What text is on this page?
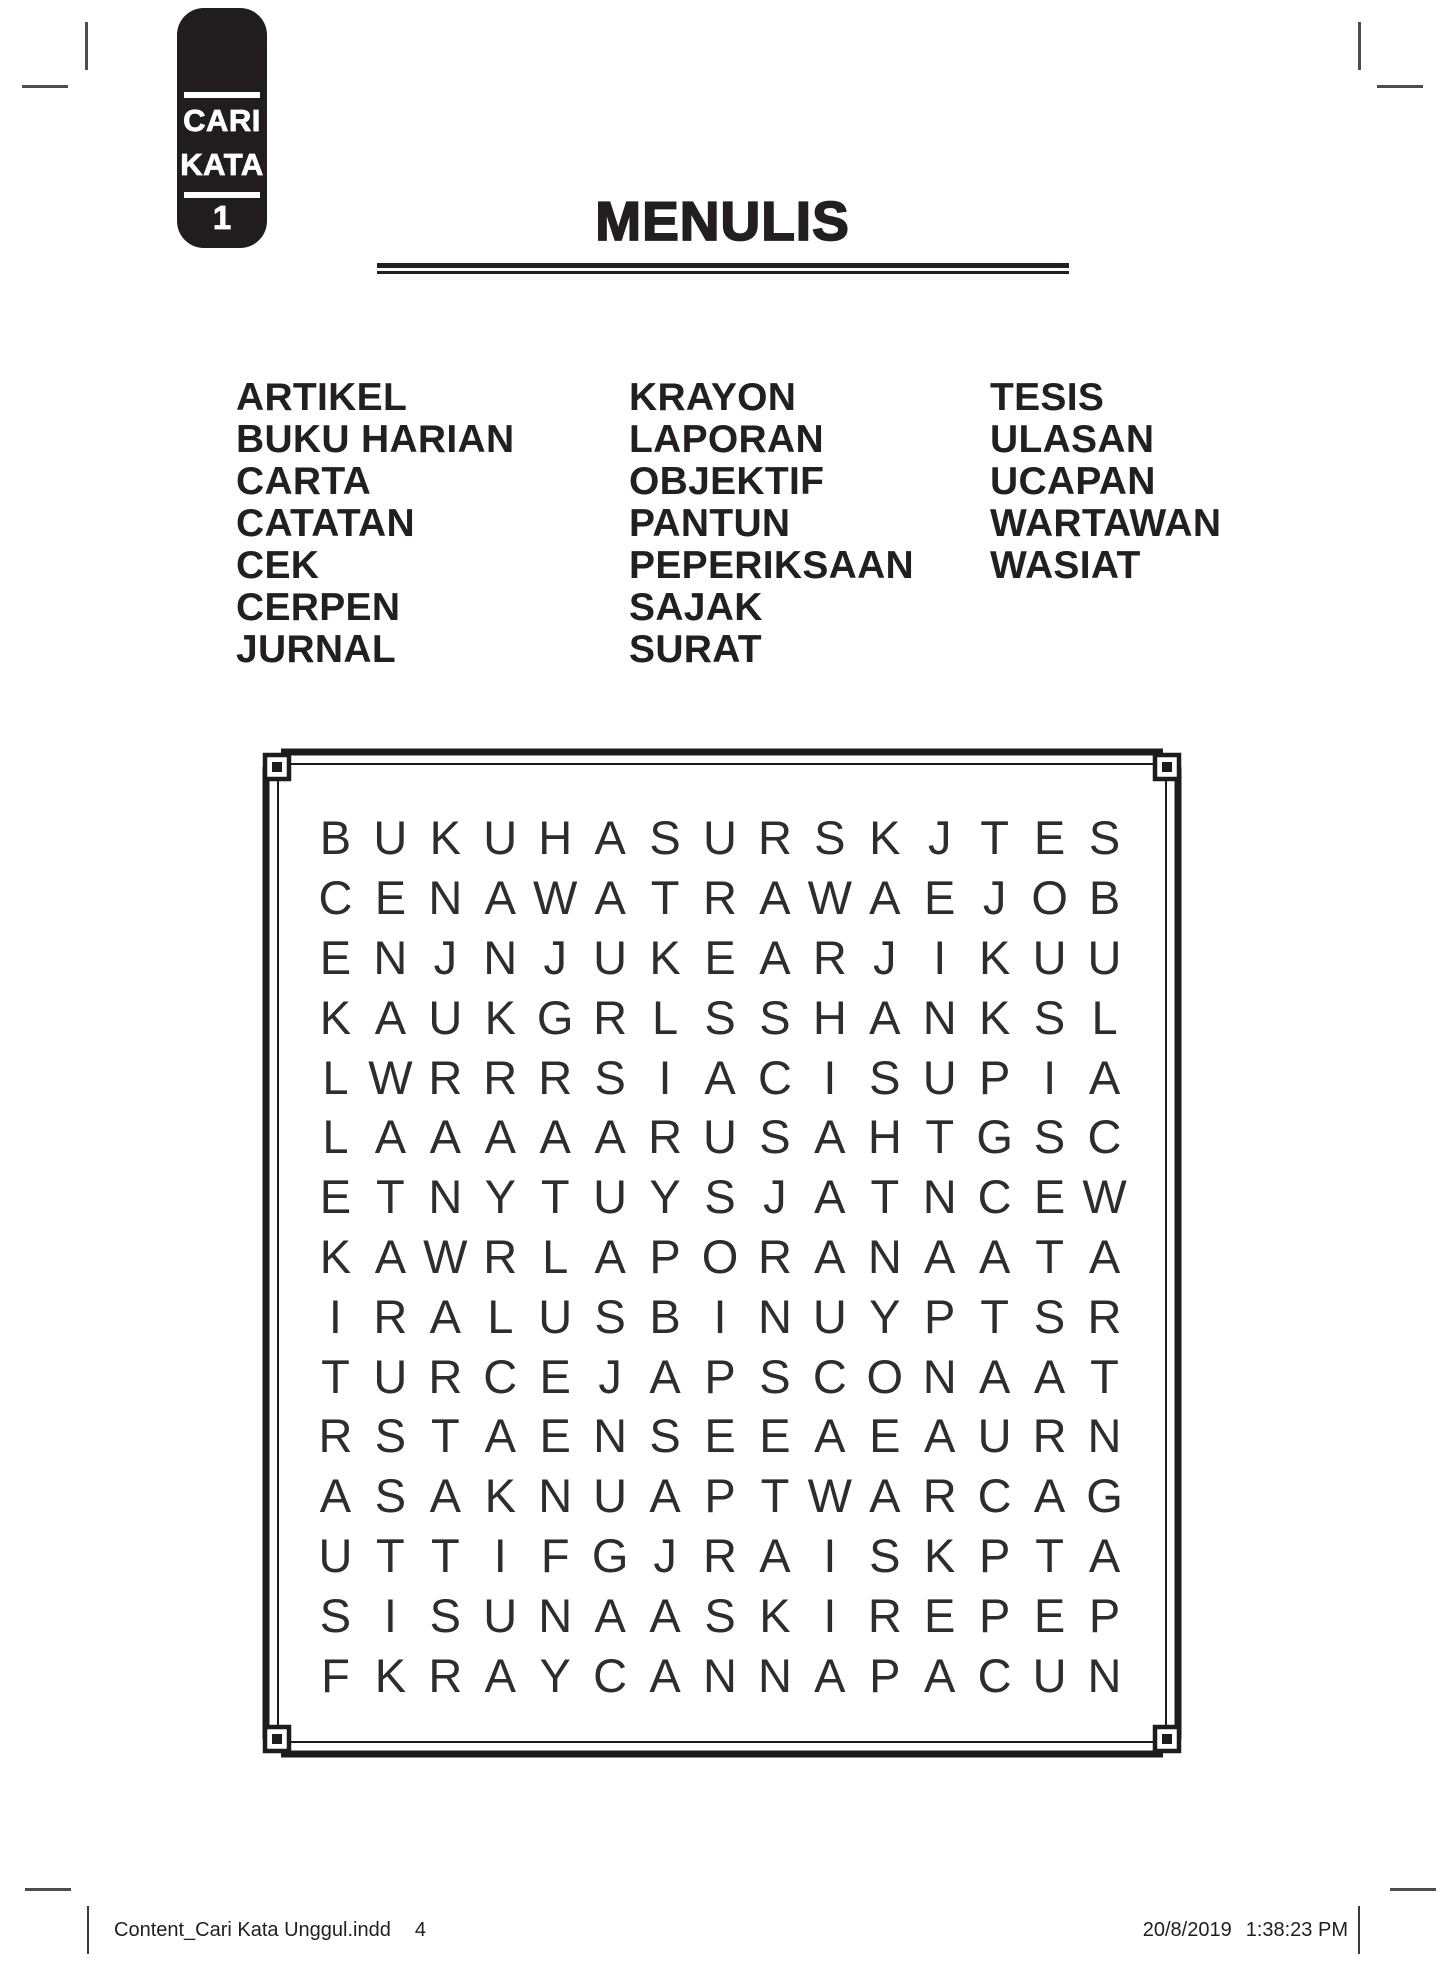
CARI
KATA
1	MENULIS
ARTIKEL
BUKU HARIAN
CARTA
CATATAN
CEK
CERPEN
JURNAL
KRAYON
LAPORAN
OBJEKTIF
PANTUN
PEPERIKSAAN
SAJAK
SURAT
TESIS
ULASAN
UCAPAN
WARTAWAN
WASIAT
B U K U H A S U R S K J T E S
C E N A W A T R A W A E J O B
E N J N J U K E A R J I K U U
K A U K G R L S S H A N K S L
L W R R R S I A C I S U P I A
L A A A A A R U S A H T G S C
E T N Y T U Y S J A T N C E W
K A W R L A P O R A N A A T A
I R A L U S B I N U Y P T S R
T U R C E J A P S C O N A A T
R S T A E N S E E A E A U R N
A S A K N U A P T W A R C A G
U T T I F G J R A I S K P T A
S I S U N A A S K I R E P E P
F K R A Y C A N N A P A C U N
Content_Cari Kata Unggul.indd 4	20/8/2019 1:38:23 PM
